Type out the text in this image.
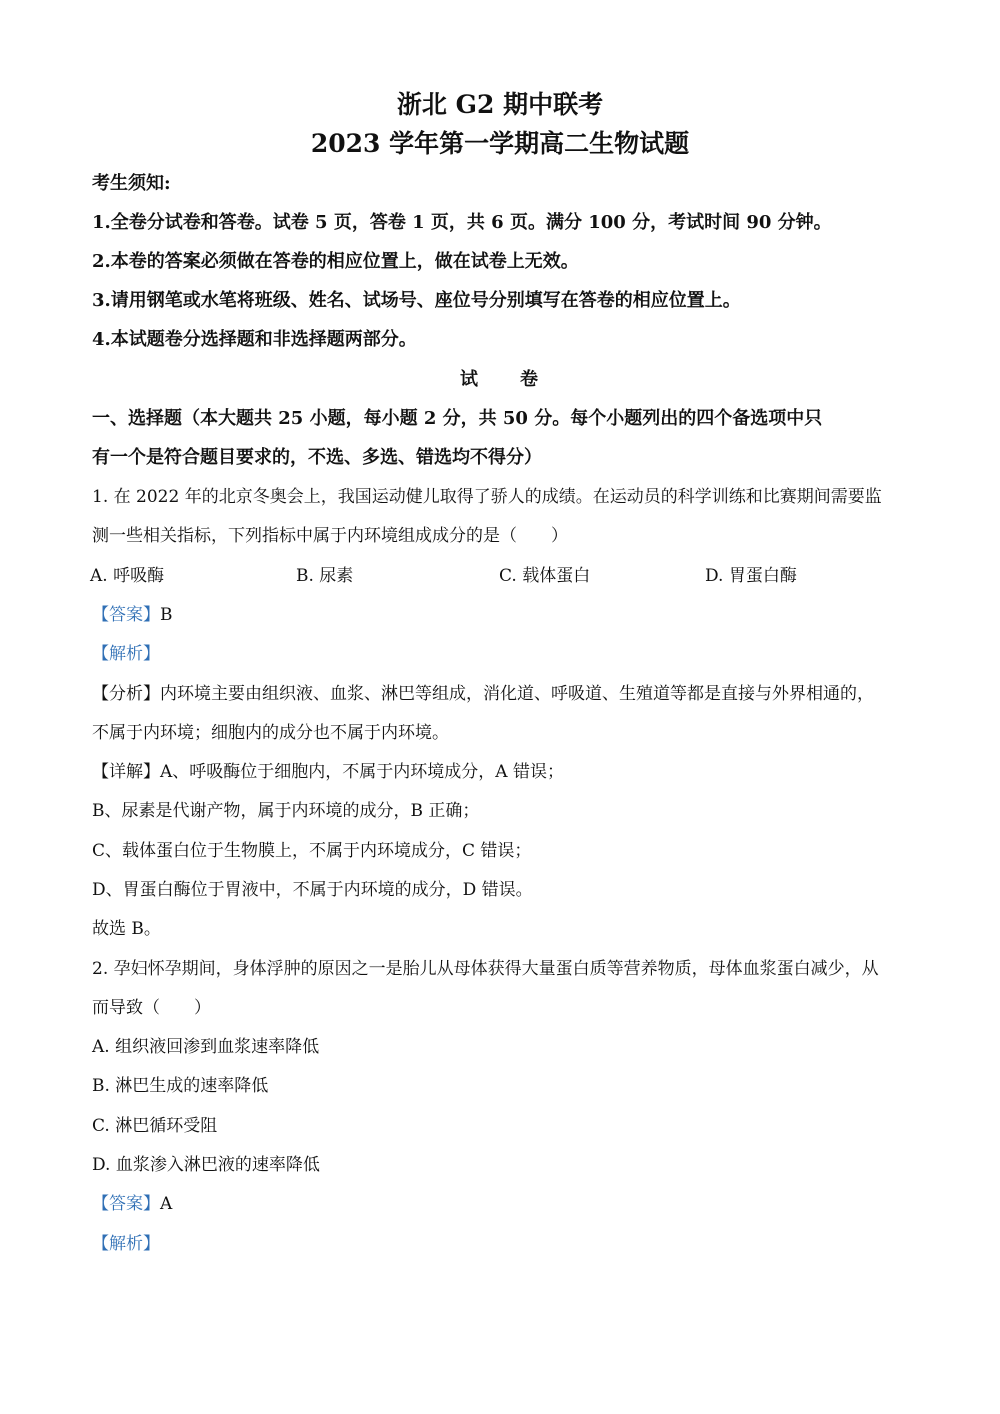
浙北 G2 期中联考
2023 学年第一学期高二生物试题
考生须知:
1.全卷分试卷和答卷。试卷 5 页，答卷 1 页，共 6 页。满分 100 分，考试时间 90 分钟。
2.本卷的答案必须做在答卷的相应位置上，做在试卷上无效。
3.请用钢笔或水笔将班级、姓名、试场号、座位号分别填写在答卷的相应位置上。
4.本试题卷分选择题和非选择题两部分。
试 卷
一、选择题（本大题共 25 小题，每小题 2 分，共 50 分。每个小题列出的四个备选项中只
有一个是符合题目要求的，不选、多选、错选均不得分）
1. 在 2022 年的北京冬奥会上，我国运动健儿取得了骄人的成绩。在运动员的科学训练和比赛期间需要监
测一些相关指标，下列指标中属于内环境组成成分的是（　　）
A. 呼吸酶	B. 尿素	C. 载体蛋白	D. 胃蛋白酶
【答案】B
【解析】
【分析】内环境主要由组织液、血浆、淋巴等组成，消化道、呼吸道、生殖道等都是直接与外界相通的，
不属于内环境；细胞内的成分也不属于内环境。
【详解】A、呼吸酶位于细胞内，不属于内环境成分，A 错误；
B、尿素是代谢产物，属于内环境的成分，B 正确；
C、载体蛋白位于生物膜上，不属于内环境成分，C 错误；
D、胃蛋白酶位于胃液中，不属于内环境的成分，D 错误。
故选 B。
2. 孕妇怀孕期间，身体浮肿的原因之一是胎儿从母体获得大量蛋白质等营养物质，母体血浆蛋白减少，从
而导致（　　）
A. 组织液回渗到血浆速率降低
B. 淋巴生成的速率降低
C. 淋巴循环受阻
D. 血浆渗入淋巴液的速率降低
【答案】A
【解析】
